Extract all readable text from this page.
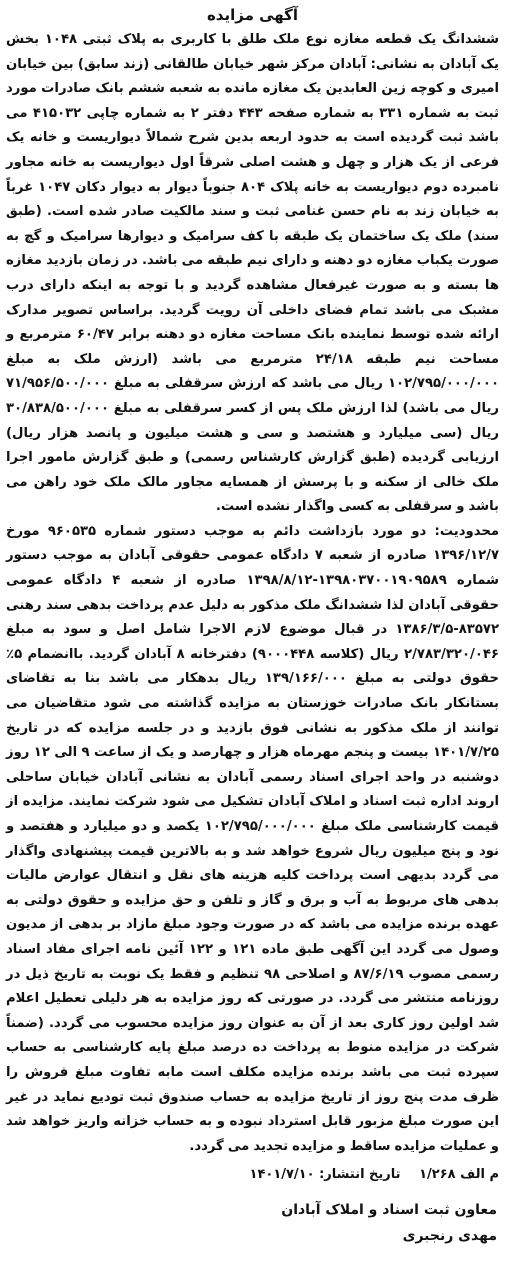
آگهی مزایده

ششدانگ یک قطعه مغازه نوع ملک طلق با کاربری به پلاک ثبتی ۱۰۴۸ بخش یک آبادان به نشانی: آبادان مرکز شهر خیابان طالقانی (زند سابق) بین خیابان امیری و کوچه زین العابدین یک مغازه مانده به شعبه ششم بانک صادرات مورد ثبت به شماره ۳۳۱ به شماره صفحه ۴۴۳ دفتر ۲ به شماره چاپی ۴۱۵۰۳۲ می باشد ثبت گردیده است به حدود اربعه بدین شرح شمالاً دیواریست و خانه یک فرعی از یک هزار و چهل و هشت اصلی شرقاً اول دیواریست به خانه مجاور نامبرده دوم دیواریست به خانه پلاک ۸۰۴ جنوباً دیوار به دیوار دکان ۱۰۴۷ غرباً به خیابان زند به نام حسن غنامی ثبت و سند مالکیت صادر شده است. (طبق سند) ملک یک ساختمان یک طبقه با کف سرامیک و دیوارها سرامیک و گچ به صورت یکباب مغازه دو دهنه و دارای نیم طبقه می باشد. در زمان بازدید مغازه ها بسته و به صورت غیرفعال مشاهده گردید و با توجه به اینکه دارای درب مشبک می باشد تمام فضای داخلی آن رویت گردید. براساس تصویر مدارک ارائه شده توسط نماینده بانک مساحت مغازه دو دهنه برابر ۶۰/۴۷ مترمربع و مساحت نیم طبقه ۲۴/۱۸ مترمربع می باشد (ارزش ملک به مبلغ ۱۰۲/۷۹۵/۰۰۰/۰۰۰ ریال می باشد که ارزش سرقفلی به مبلغ ۷۱/۹۵۶/۵۰۰/۰۰۰ ریال می باشد) لذا ارزش ملک پس از کسر سرقفلی به مبلغ ۳۰/۸۳۸/۵۰۰/۰۰۰ ریال (سی میلیارد و هشتصد و سی و هشت میلیون و پانصد هزار ریال) ارزیابی گردیده (طبق گزارش کارشناس رسمی) و طبق گزارش مامور اجرا ملک خالی از سکنه و با پرسش از همسایه مجاور مالک ملک خود راهن می باشد و سرقفلی به کسی واگذار نشده است.

محدودیت: دو مورد بازداشت دائم به موجب دستور شماره ۹۶۰۵۳۵ مورخ ۱۳۹۶/۱۲/۷ صادره از شعبه ۷ دادگاه عمومی حقوقی آبادان به موجب دستور شماره ۱۳۹۸۰۳۷۰۰۱۹۰۹۵۸۹-۱۳۹۸/۸/۱۲ صادره از شعبه ۴ دادگاه عمومی حقوقی آبادان لذا ششدانگ ملک مذکور به دلیل عدم پرداخت بدهی سند رهنی ۸۳۵۷۲-۱۳۸۶/۳/۵ در قبال موضوع لازم الاجرا شامل اصل و سود به مبلغ ۲/۷۸۳/۳۲۰/۰۴۶ ریال (کلاسه ۹۰۰۰۴۴۸) دفترخانه ۸ آبادان گردید. باانضمام ۵٪ حقوق دولتی به مبلغ ۱۳۹/۱۶۶/۰۰۰ ریال بدهکار می باشد بنا به تقاضای بستانکار بانک صادرات خوزستان به مزایده گذاشته می شود متقاضیان می توانند از ملک مذکور به نشانی فوق بازدید و در جلسه مزایده که در تاریخ ۱۴۰۱/۷/۲۵ بیست و پنجم مهرماه هزار و چهارصد و یک از ساعت ۹ الی ۱۲ روز دوشنبه در واحد اجرای اسناد رسمی آبادان به نشانی آبادان خیابان ساحلی اروند اداره ثبت اسناد و املاک آبادان تشکیل می شود شرکت نمایند. مزایده از قیمت کارشناسی ملک مبلغ ۱۰۲/۷۹۵/۰۰۰/۰۰۰ یکصد و دو میلیارد و هفتصد و نود و پنج میلیون ریال شروع خواهد شد و به بالاترین قیمت پیشنهادی واگذار می گردد بدیهی است پرداخت کلیه هزینه های نقل و انتقال عوارض مالیات بدهی های مربوط به آب و برق و گاز و تلفن و حق مزایده و حقوق دولتی به عهده برنده مزایده می باشد که در صورت وجود مبلغ مازاد بر بدهی از مدیون وصول می گردد این آگهی طبق ماده ۱۲۱ و ۱۲۲ آئین نامه اجرای مفاد اسناد رسمی مصوب ۸۷/۶/۱۹ و اصلاحی ۹۸ تنظیم و فقط یک نوبت به تاریخ ذیل در روزنامه منتشر می گردد. در صورتی که روز مزایده به هر دلیلی تعطیل اعلام شد اولین روز کاری بعد از آن به عنوان روز مزایده محسوب می گردد. (ضمناً شرکت در مزایده منوط به پرداخت ده درصد مبلغ پایه کارشناسی به حساب سپرده ثبت می باشد برنده مزایده مکلف است مابه تفاوت مبلغ فروش را ظرف مدت پنج روز از تاریخ مزایده به حساب صندوق ثبت تودیع نماید در غیر این صورت مبلغ مزبور قابل استرداد نبوده و به حساب خزانه واریز خواهد شد و عملیات مزایده ساقط و مزایده تجدید می گردد.

م الف ۱/۲۶۸ تاریخ انتشار: ۱۴۰۱/۷/۱۰
معاون ثبت اسناد و املاک آبادان
مهدی رنجبری
